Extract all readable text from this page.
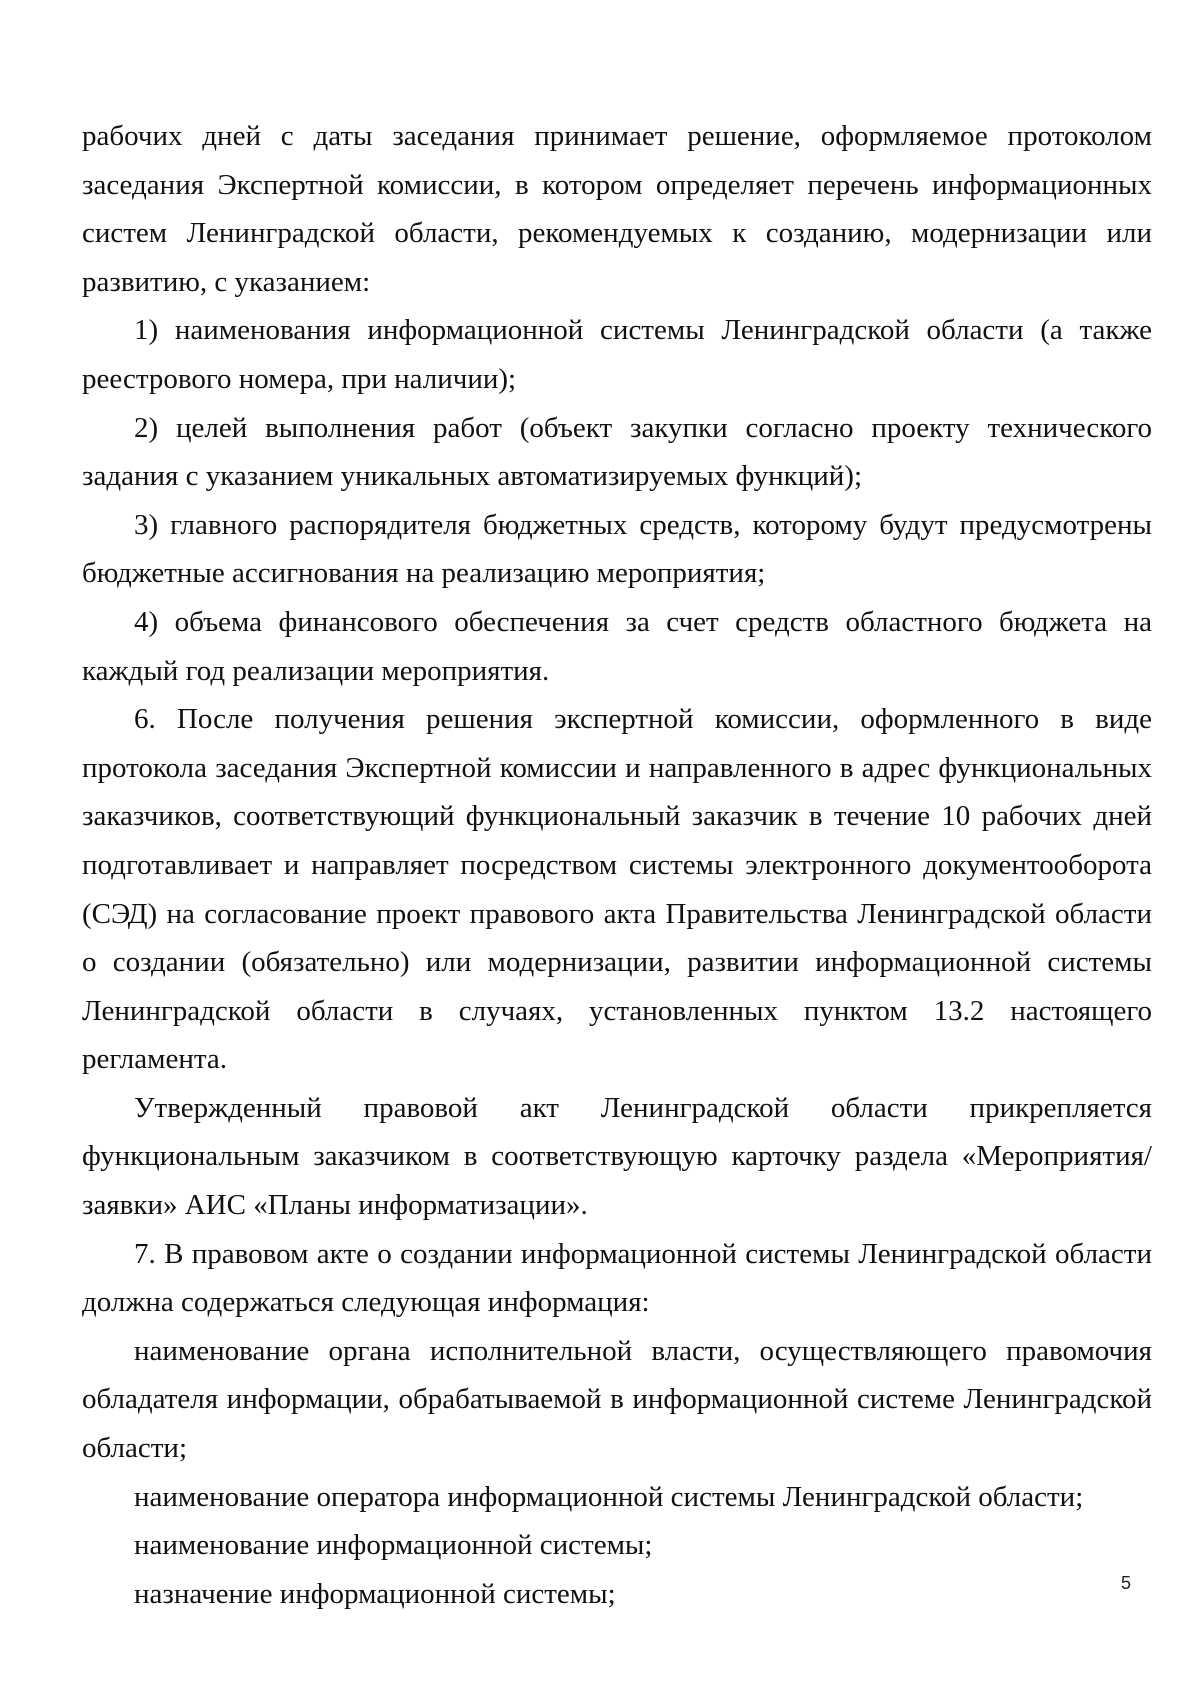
рабочих дней с даты заседания принимает решение, оформляемое протоколом заседания Экспертной комиссии, в котором определяет перечень информационных систем Ленинградской области, рекомендуемых к созданию, модернизации или развитию, с указанием:

1) наименования информационной системы Ленинградской области (а также реестрового номера, при наличии);

2) целей выполнения работ (объект закупки согласно проекту технического задания с указанием уникальных автоматизируемых функций);

3) главного распорядителя бюджетных средств, которому будут предусмотрены бюджетные ассигнования на реализацию мероприятия;

4) объема финансового обеспечения за счет средств областного бюджета на каждый год реализации мероприятия.

6. После получения решения экспертной комиссии, оформленного в виде протокола заседания Экспертной комиссии и направленного в адрес функциональных заказчиков, соответствующий функциональный заказчик в течение 10 рабочих дней подготавливает и направляет посредством системы электронного документооборота (СЭД) на согласование проект правового акта Правительства Ленинградской области о создании (обязательно) или модернизации, развитии информационной системы Ленинградской области в случаях, установленных пунктом 13.2 настоящего регламента.

Утвержденный правовой акт Ленинградской области прикрепляется функциональным заказчиком в соответствующую карточку раздела «Мероприятия/заявки» АИС «Планы информатизации».

7. В правовом акте о создании информационной системы Ленинградской области должна содержаться следующая информация:

наименование органа исполнительной власти, осуществляющего правомочия обладателя информации, обрабатываемой в информационной системе Ленинградской области;

наименование оператора информационной системы Ленинградской области;

наименование информационной системы;

назначение информационной системы;	5
